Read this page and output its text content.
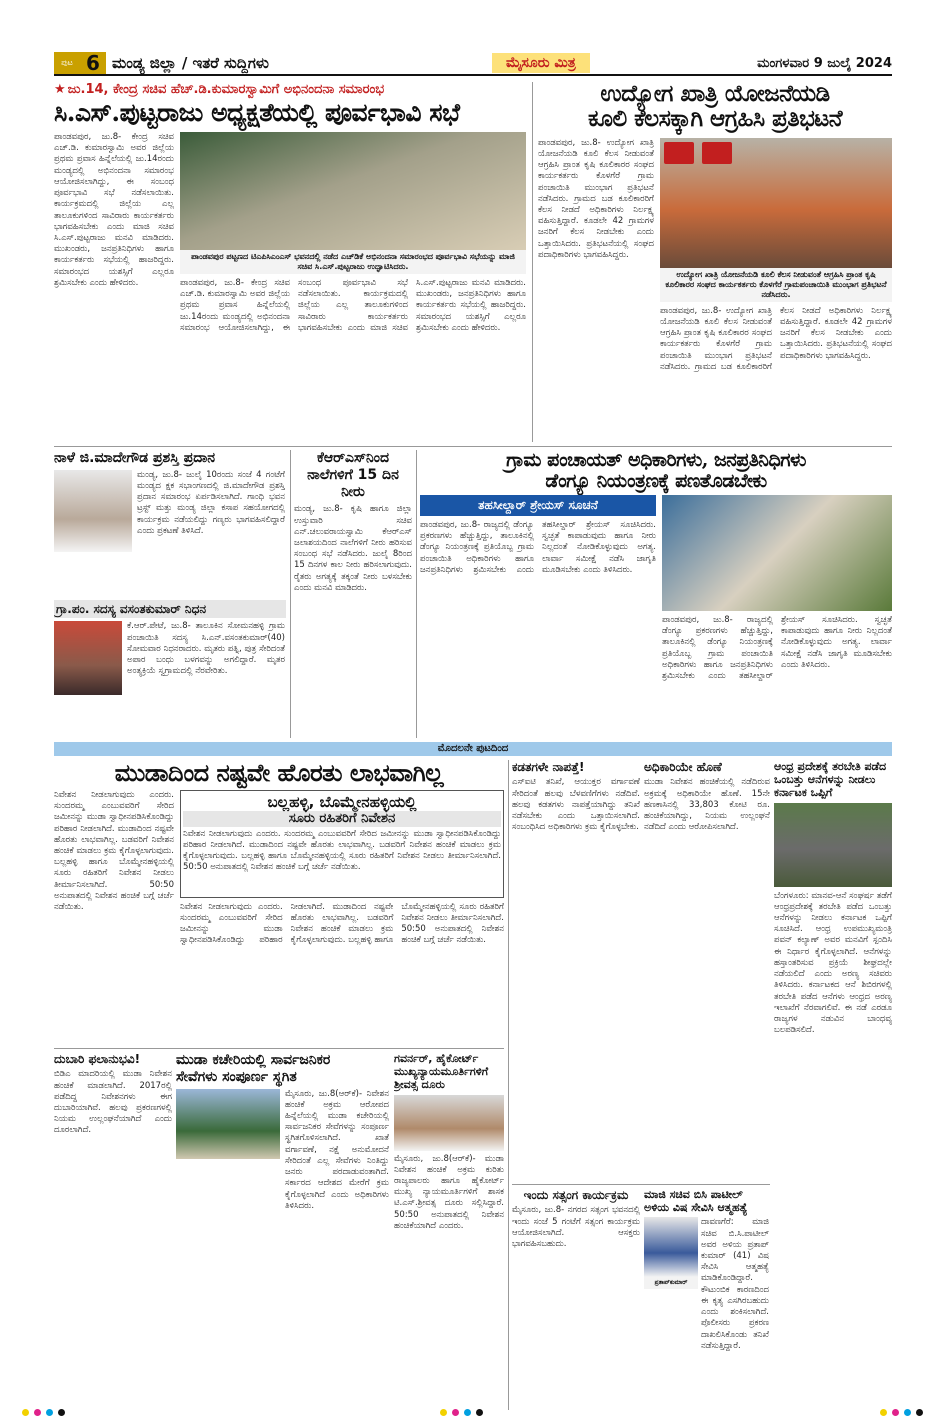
ಪುಟ 6 ಮಂಡ್ಯ ಜಿಲ್ಲಾ / ಇತರೆ ಸುದ್ದಿಗಳು	ಮೈಸೂರು ಮಿತ್ರ	ಮಂಗಳವಾರ 9 ಜುಲೈ 2024
★ ಜು.14, ಕೇಂದ್ರ ಸಚಿವ ಹೆಚ್.ಡಿ.ಕುಮಾರಸ್ವಾಮಿಗೆ ಅಭಿನಂದನಾ ಸಮಾರಂಭ
ಸಿ.ಎಸ್.ಪುಟ್ಟರಾಜು ಅಧ್ಯಕ್ಷತೆಯಲ್ಲಿ ಪೂರ್ವಭಾವಿ ಸಭೆ
ಪಾಂಡವಪುರ, ಜು.8- ಕೇಂದ್ರ ಸಚಿವ ಎಚ್.ಡಿ. ಕುಮಾರಸ್ವಾಮಿ ಅವರ ಜಿಲ್ಲೆಯ ಪ್ರಥಮ ಪ್ರವಾಸ ಹಿನ್ನೆಲೆಯಲ್ಲಿ ಜು.14ರಂದು ಮಂಡ್ಯದಲ್ಲಿ ಅಭಿನಂದನಾ ಸಮಾರಂಭ ಆಯೋಜಿಸಲಾಗಿದ್ದು, ಈ ಸಂಬಂಧ ಪೂರ್ವಭಾವಿ ಸಭೆ ನಡೆಸಲಾಯಿತು. ಕಾರ್ಯಕ್ರಮದಲ್ಲಿ ಜಿಲ್ಲೆಯ ಎಲ್ಲ ತಾಲೂಕುಗಳಿಂದ ಸಾವಿರಾರು ಕಾರ್ಯಕರ್ತರು ಭಾಗವಹಿಸಬೇಕು ಎಂದು ಮಾಜಿ ಸಚಿವ ಸಿ.ಎಸ್.ಪುಟ್ಟರಾಜು ಮನವಿ ಮಾಡಿದರು. ಮುಖಂಡರು, ಜನಪ್ರತಿನಿಧಿಗಳು ಹಾಗೂ ಕಾರ್ಯಕರ್ತರು ಸಭೆಯಲ್ಲಿ ಹಾಜರಿದ್ದರು. ಸಮಾರಂಭದ ಯಶಸ್ಸಿಗೆ ಎಲ್ಲರೂ ಶ್ರಮಿಸಬೇಕು ಎಂದು ಹೇಳಿದರು.
ಪಾಂಡವಪುರ ಪಟ್ಟಣದ ಟಿಎಪಿಸಿಎಂಎಸ್ ಭವನದಲ್ಲಿ ನಡೆದ ಎಚ್‌ಡಿಕೆ ಅಭಿನಂದನಾ ಸಮಾರಂಭದ ಪೂರ್ವಭಾವಿ ಸಭೆಯನ್ನು ಮಾಜಿ ಸಚಿವ ಸಿ.ಎಸ್.ಪುಟ್ಟರಾಜು ಉದ್ಘಾಟಿಸಿದರು.
ಪಾಂಡವಪುರ, ಜು.8- ಕೇಂದ್ರ ಸಚಿವ ಎಚ್.ಡಿ. ಕುಮಾರಸ್ವಾಮಿ ಅವರ ಜಿಲ್ಲೆಯ ಪ್ರಥಮ ಪ್ರವಾಸ ಹಿನ್ನೆಲೆಯಲ್ಲಿ ಜು.14ರಂದು ಮಂಡ್ಯದಲ್ಲಿ ಅಭಿನಂದನಾ ಸಮಾರಂಭ ಆಯೋಜಿಸಲಾಗಿದ್ದು, ಈ ಸಂಬಂಧ ಪೂರ್ವಭಾವಿ ಸಭೆ ನಡೆಸಲಾಯಿತು. ಕಾರ್ಯಕ್ರಮದಲ್ಲಿ ಜಿಲ್ಲೆಯ ಎಲ್ಲ ತಾಲೂಕುಗಳಿಂದ ಸಾವಿರಾರು ಕಾರ್ಯಕರ್ತರು ಭಾಗವಹಿಸಬೇಕು ಎಂದು ಮಾಜಿ ಸಚಿವ ಸಿ.ಎಸ್.ಪುಟ್ಟರಾಜು ಮನವಿ ಮಾಡಿದರು. ಮುಖಂಡರು, ಜನಪ್ರತಿನಿಧಿಗಳು ಹಾಗೂ ಕಾರ್ಯಕರ್ತರು ಸಭೆಯಲ್ಲಿ ಹಾಜರಿದ್ದರು. ಸಮಾರಂಭದ ಯಶಸ್ಸಿಗೆ ಎಲ್ಲರೂ ಶ್ರಮಿಸಬೇಕು ಎಂದು ಹೇಳಿದರು.
ಉದ್ಯೋಗ ಖಾತ್ರಿ ಯೋಜನೆಯಡಿ
ಕೂಲಿ ಕೆಲಸಕ್ಕಾಗಿ ಆಗ್ರಹಿಸಿ ಪ್ರತಿಭಟನೆ
ಪಾಂಡವಪುರ, ಜು.8- ಉದ್ಯೋಗ ಖಾತ್ರಿ ಯೋಜನೆಯಡಿ ಕೂಲಿ ಕೆಲಸ ನೀಡುವಂತೆ ಆಗ್ರಹಿಸಿ ಪ್ರಾಂತ ಕೃಷಿ ಕೂಲಿಕಾರರ ಸಂಘದ ಕಾರ್ಯಕರ್ತರು ಕೊಳಗೆರೆ ಗ್ರಾಮ ಪಂಚಾಯಿತಿ ಮುಂಭಾಗ ಪ್ರತಿಭಟನೆ ನಡೆಸಿದರು. ಗ್ರಾಮದ ಬಡ ಕೂಲಿಕಾರರಿಗೆ ಕೆಲಸ ನೀಡದೆ ಅಧಿಕಾರಿಗಳು ನಿರ್ಲಕ್ಷ್ಯ ವಹಿಸುತ್ತಿದ್ದಾರೆ. ಕೂಡಲೇ 42 ಗ್ರಾಮಗಳ ಜನರಿಗೆ ಕೆಲಸ ನೀಡಬೇಕು ಎಂದು ಒತ್ತಾಯಿಸಿದರು. ಪ್ರತಿಭಟನೆಯಲ್ಲಿ ಸಂಘದ ಪದಾಧಿಕಾರಿಗಳು ಭಾಗವಹಿಸಿದ್ದರು.
ಉದ್ಯೋಗ ಖಾತ್ರಿ ಯೋಜನೆಯಡಿ ಕೂಲಿ ಕೆಲಸ ನೀಡುವಂತೆ ಆಗ್ರಹಿಸಿ ಪ್ರಾಂತ ಕೃಷಿ ಕೂಲಿಕಾರರ ಸಂಘದ ಕಾರ್ಯಕರ್ತರು ಕೊಳಗೆರೆ ಗ್ರಾಮಪಂಚಾಯಿತಿ ಮುಂಭಾಗ ಪ್ರತಿಭಟನೆ ನಡೆಸಿದರು.
ಪಾಂಡವಪುರ, ಜು.8- ಉದ್ಯೋಗ ಖಾತ್ರಿ ಯೋಜನೆಯಡಿ ಕೂಲಿ ಕೆಲಸ ನೀಡುವಂತೆ ಆಗ್ರಹಿಸಿ ಪ್ರಾಂತ ಕೃಷಿ ಕೂಲಿಕಾರರ ಸಂಘದ ಕಾರ್ಯಕರ್ತರು ಕೊಳಗೆರೆ ಗ್ರಾಮ ಪಂಚಾಯಿತಿ ಮುಂಭಾಗ ಪ್ರತಿಭಟನೆ ನಡೆಸಿದರು. ಗ್ರಾಮದ ಬಡ ಕೂಲಿಕಾರರಿಗೆ ಕೆಲಸ ನೀಡದೆ ಅಧಿಕಾರಿಗಳು ನಿರ್ಲಕ್ಷ್ಯ ವಹಿಸುತ್ತಿದ್ದಾರೆ. ಕೂಡಲೇ 42 ಗ್ರಾಮಗಳ ಜನರಿಗೆ ಕೆಲಸ ನೀಡಬೇಕು ಎಂದು ಒತ್ತಾಯಿಸಿದರು. ಪ್ರತಿಭಟನೆಯಲ್ಲಿ ಸಂಘದ ಪದಾಧಿಕಾರಿಗಳು ಭಾಗವಹಿಸಿದ್ದರು.
ನಾಳೆ ಜಿ.ಮಾದೇಗೌಡ ಪ್ರಶಸ್ತಿ ಪ್ರದಾನ
ಮಂಡ್ಯ, ಜು.8- ಜುಲೈ 10ರಂದು ಸಂಜೆ 4 ಗಂಟೆಗೆ ಮಂಡ್ಯದ ಕ್ಷಕ ಸಭಾಂಗಣದಲ್ಲಿ ಜಿ.ಮಾದೇಗೌಡ ಪ್ರಶಸ್ತಿ ಪ್ರದಾನ ಸಮಾರಂಭ ಏರ್ಪಡಿಸಲಾಗಿದೆ. ಗಾಂಧಿ ಭವನ ಟ್ರಸ್ಟ್ ಮತ್ತು ಮಂಡ್ಯ ಜಿಲ್ಲಾ ಕಸಾಪ ಸಹಯೋಗದಲ್ಲಿ ಕಾರ್ಯಕ್ರಮ ನಡೆಯಲಿದ್ದು ಗಣ್ಯರು ಭಾಗವಹಿಸಲಿದ್ದಾರೆ ಎಂದು ಪ್ರಕಟಣೆ ತಿಳಿಸಿದೆ.
ಗ್ರಾ.ಪಂ. ಸದಸ್ಯ ವಸಂತಕುಮಾರ್ ನಿಧನ
ಕೆ.ಆರ್.ಪೇಟೆ, ಜು.8- ತಾಲೂಕಿನ ಸೋಮನಹಳ್ಳಿ ಗ್ರಾಮ ಪಂಚಾಯಿತಿ ಸದಸ್ಯ ಸಿ.ಎನ್.ವಸಂತಕುಮಾರ್(40) ಸೋಮವಾರ ನಿಧನರಾದರು. ಮೃತರು ಪತ್ನಿ, ಪುತ್ರ ಸೇರಿದಂತೆ ಅಪಾರ ಬಂಧು ಬಳಗವನ್ನು ಅಗಲಿದ್ದಾರೆ. ಮೃತರ ಅಂತ್ಯಕ್ರಿಯೆ ಸ್ವಗ್ರಾಮದಲ್ಲಿ ನೆರವೇರಿತು.
ಕೆಆರ್‌ಎಸ್‌ನಿಂದ ನಾಲೆಗಳಿಗೆ 15 ದಿನ ನೀರು
ಮಂಡ್ಯ, ಜು.8- ಕೃಷಿ ಹಾಗೂ ಜಿಲ್ಲಾ ಉಸ್ತುವಾರಿ ಸಚಿವ ಎನ್.ಚಲುವರಾಯಸ್ವಾಮಿ ಕೆಆರ್‌ಎಸ್ ಜಲಾಶಯದಿಂದ ನಾಲೆಗಳಿಗೆ ನೀರು ಹರಿಸುವ ಸಂಬಂಧ ಸಭೆ ನಡೆಸಿದರು. ಜುಲೈ 8ರಿಂದ 15 ದಿನಗಳ ಕಾಲ ನೀರು ಹರಿಸಲಾಗುವುದು. ರೈತರು ಅಗತ್ಯಕ್ಕೆ ತಕ್ಕಂತೆ ನೀರು ಬಳಸಬೇಕು ಎಂದು ಮನವಿ ಮಾಡಿದರು.
ಗ್ರಾಮ ಪಂಚಾಯತ್ ಅಧಿಕಾರಿಗಳು, ಜನಪ್ರತಿನಿಧಿಗಳು
ಡೆಂಗ್ಯೂ ನಿಯಂತ್ರಣಕ್ಕೆ ಪಣತೊಡಬೇಕು
ತಹಸೀಲ್ದಾರ್ ಶ್ರೇಯಸ್ ಸೂಚನೆ
ಪಾಂಡವಪುರ, ಜು.8- ರಾಜ್ಯದಲ್ಲಿ ಡೆಂಗ್ಯೂ ಪ್ರಕರಣಗಳು ಹೆಚ್ಚುತ್ತಿದ್ದು, ತಾಲೂಕಿನಲ್ಲಿ ಡೆಂಗ್ಯೂ ನಿಯಂತ್ರಣಕ್ಕೆ ಪ್ರತಿಯೊಬ್ಬ ಗ್ರಾಮ ಪಂಚಾಯಿತಿ ಅಧಿಕಾರಿಗಳು ಹಾಗೂ ಜನಪ್ರತಿನಿಧಿಗಳು ಶ್ರಮಿಸಬೇಕು ಎಂದು ತಹಸೀಲ್ದಾರ್ ಶ್ರೇಯಸ್ ಸೂಚಿಸಿದರು. ಸ್ವಚ್ಛತೆ ಕಾಪಾಡುವುದು ಹಾಗೂ ನೀರು ನಿಲ್ಲದಂತೆ ನೋಡಿಕೊಳ್ಳುವುದು ಅಗತ್ಯ. ಲಾರ್ವಾ ಸಮೀಕ್ಷೆ ನಡೆಸಿ ಜಾಗೃತಿ ಮೂಡಿಸಬೇಕು ಎಂದು ತಿಳಿಸಿದರು.
ಪಾಂಡವಪುರ, ಜು.8- ರಾಜ್ಯದಲ್ಲಿ ಡೆಂಗ್ಯೂ ಪ್ರಕರಣಗಳು ಹೆಚ್ಚುತ್ತಿದ್ದು, ತಾಲೂಕಿನಲ್ಲಿ ಡೆಂಗ್ಯೂ ನಿಯಂತ್ರಣಕ್ಕೆ ಪ್ರತಿಯೊಬ್ಬ ಗ್ರಾಮ ಪಂಚಾಯಿತಿ ಅಧಿಕಾರಿಗಳು ಹಾಗೂ ಜನಪ್ರತಿನಿಧಿಗಳು ಶ್ರಮಿಸಬೇಕು ಎಂದು ತಹಸೀಲ್ದಾರ್ ಶ್ರೇಯಸ್ ಸೂಚಿಸಿದರು. ಸ್ವಚ್ಛತೆ ಕಾಪಾಡುವುದು ಹಾಗೂ ನೀರು ನಿಲ್ಲದಂತೆ ನೋಡಿಕೊಳ್ಳುವುದು ಅಗತ್ಯ. ಲಾರ್ವಾ ಸಮೀಕ್ಷೆ ನಡೆಸಿ ಜಾಗೃತಿ ಮೂಡಿಸಬೇಕು ಎಂದು ತಿಳಿಸಿದರು.
ಮೊದಲನೇ ಪುಟದಿಂದ
ಮುಡಾದಿಂದ ನಷ್ಟವೇ ಹೊರತು ಲಾಭವಾಗಿಲ್ಲ
ನಿವೇಶನ ನೀಡಲಾಗುವುದು ಎಂದರು. ಸುಂದರಮ್ಮ ಎಂಬುವವರಿಗೆ ಸೇರಿದ ಜಮೀನನ್ನು ಮುಡಾ ಸ್ವಾಧೀನಪಡಿಸಿಕೊಂಡಿದ್ದು ಪರಿಹಾರ ನೀಡಲಾಗಿದೆ. ಮುಡಾದಿಂದ ನಷ್ಟವೇ ಹೊರತು ಲಾಭವಾಗಿಲ್ಲ. ಬಡವರಿಗೆ ನಿವೇಶನ ಹಂಚಿಕೆ ಮಾಡಲು ಕ್ರಮ ಕೈಗೊಳ್ಳಲಾಗುವುದು. ಬಲ್ಲಹಳ್ಳಿ ಹಾಗೂ ಬೊಮ್ಮೇನಹಳ್ಳಿಯಲ್ಲಿ ಸೂರು ರಹಿತರಿಗೆ ನಿವೇಶನ ನೀಡಲು ತೀರ್ಮಾನಿಸಲಾಗಿದೆ. 50:50 ಅನುಪಾತದಲ್ಲಿ ನಿವೇಶನ ಹಂಚಿಕೆ ಬಗ್ಗೆ ಚರ್ಚೆ ನಡೆಯಿತು.
ಬಲ್ಲಹಳ್ಳಿ, ಬೊಮ್ಮೇನಹಳ್ಳಿಯಲ್ಲಿ
ಸೂರು ರಹಿತರಿಗೆ ನಿವೇಶನ
ನಿವೇಶನ ನೀಡಲಾಗುವುದು ಎಂದರು. ಸುಂದರಮ್ಮ ಎಂಬುವವರಿಗೆ ಸೇರಿದ ಜಮೀನನ್ನು ಮುಡಾ ಸ್ವಾಧೀನಪಡಿಸಿಕೊಂಡಿದ್ದು ಪರಿಹಾರ ನೀಡಲಾಗಿದೆ. ಮುಡಾದಿಂದ ನಷ್ಟವೇ ಹೊರತು ಲಾಭವಾಗಿಲ್ಲ. ಬಡವರಿಗೆ ನಿವೇಶನ ಹಂಚಿಕೆ ಮಾಡಲು ಕ್ರಮ ಕೈಗೊಳ್ಳಲಾಗುವುದು. ಬಲ್ಲಹಳ್ಳಿ ಹಾಗೂ ಬೊಮ್ಮೇನಹಳ್ಳಿಯಲ್ಲಿ ಸೂರು ರಹಿತರಿಗೆ ನಿವೇಶನ ನೀಡಲು ತೀರ್ಮಾನಿಸಲಾಗಿದೆ. 50:50 ಅನುಪಾತದಲ್ಲಿ ನಿವೇಶನ ಹಂಚಿಕೆ ಬಗ್ಗೆ ಚರ್ಚೆ ನಡೆಯಿತು.
ನಿವೇಶನ ನೀಡಲಾಗುವುದು ಎಂದರು. ಸುಂದರಮ್ಮ ಎಂಬುವವರಿಗೆ ಸೇರಿದ ಜಮೀನನ್ನು ಮುಡಾ ಸ್ವಾಧೀನಪಡಿಸಿಕೊಂಡಿದ್ದು ಪರಿಹಾರ ನೀಡಲಾಗಿದೆ. ಮುಡಾದಿಂದ ನಷ್ಟವೇ ಹೊರತು ಲಾಭವಾಗಿಲ್ಲ. ಬಡವರಿಗೆ ನಿವೇಶನ ಹಂಚಿಕೆ ಮಾಡಲು ಕ್ರಮ ಕೈಗೊಳ್ಳಲಾಗುವುದು. ಬಲ್ಲಹಳ್ಳಿ ಹಾಗೂ ಬೊಮ್ಮೇನಹಳ್ಳಿಯಲ್ಲಿ ಸೂರು ರಹಿತರಿಗೆ ನಿವೇಶನ ನೀಡಲು ತೀರ್ಮಾನಿಸಲಾಗಿದೆ. 50:50 ಅನುಪಾತದಲ್ಲಿ ನಿವೇಶನ ಹಂಚಿಕೆ ಬಗ್ಗೆ ಚರ್ಚೆ ನಡೆಯಿತು.
ಕಡತಗಳೇ ನಾಪತ್ತೆ!
ಎಸ್‌ಐಟಿ ತನಿಖೆ, ಆಯುಕ್ತರ ವರ್ಗಾವಣೆ ಸೇರಿದಂತೆ ಹಲವು ಬೆಳವಣಿಗೆಗಳು ನಡೆದಿವೆ. ಹಲವು ಕಡತಗಳು ನಾಪತ್ತೆಯಾಗಿದ್ದು ತನಿಖೆ ನಡೆಸಬೇಕು ಎಂದು ಒತ್ತಾಯಿಸಲಾಗಿದೆ. ಸಂಬಂಧಿಸಿದ ಅಧಿಕಾರಿಗಳು ಕ್ರಮ ಕೈಗೊಳ್ಳಬೇಕು.
ಅಧಿಕಾರಿಯೇ ಹೊಣೆ
ಮುಡಾ ನಿವೇಶನ ಹಂಚಿಕೆಯಲ್ಲಿ ನಡೆದಿರುವ ಅಕ್ರಮಕ್ಕೆ ಅಧಿಕಾರಿಯೇ ಹೊಣೆ. 15ನೇ ಹಣಕಾಸಿನಲ್ಲಿ 33,803 ಕೋಟಿ ರೂ. ಹಂಚಿಕೆಯಾಗಿದ್ದು, ನಿಯಮ ಉಲ್ಲಂಘನೆ ನಡೆದಿದೆ ಎಂದು ಆರೋಪಿಸಲಾಗಿದೆ.
ಆಂಧ್ರ ಪ್ರದೇಶಕ್ಕೆ ತರಬೇತಿ ಪಡೆದ ಒಂಬತ್ತು ಆನೆಗಳನ್ನು ನೀಡಲು ಕರ್ನಾಟಕ ಒಪ್ಪಿಗೆ
ಬೆಂಗಳೂರು: ಮಾನವ-ಆನೆ ಸಂಘರ್ಷ ತಡೆಗೆ ಆಂಧ್ರಪ್ರದೇಶಕ್ಕೆ ತರಬೇತಿ ಪಡೆದ ಒಂಬತ್ತು ಆನೆಗಳನ್ನು ನೀಡಲು ಕರ್ನಾಟಕ ಒಪ್ಪಿಗೆ ಸೂಚಿಸಿದೆ. ಆಂಧ್ರ ಉಪಮುಖ್ಯಮಂತ್ರಿ ಪವನ್ ಕಲ್ಯಾಣ್ ಅವರ ಮನವಿಗೆ ಸ್ಪಂದಿಸಿ ಈ ನಿರ್ಧಾರ ಕೈಗೊಳ್ಳಲಾಗಿದೆ. ಆನೆಗಳನ್ನು ಹಸ್ತಾಂತರಿಸುವ ಪ್ರಕ್ರಿಯೆ ಶೀಘ್ರದಲ್ಲೇ ನಡೆಯಲಿದೆ ಎಂದು ಅರಣ್ಯ ಸಚಿವರು ತಿಳಿಸಿದರು. ಕರ್ನಾಟಕದ ಆನೆ ಶಿಬಿರಗಳಲ್ಲಿ ತರಬೇತಿ ಪಡೆದ ಆನೆಗಳು ಆಂಧ್ರದ ಅರಣ್ಯ ಇಲಾಖೆಗೆ ನೆರವಾಗಲಿವೆ. ಈ ನಡೆ ಎರಡೂ ರಾಜ್ಯಗಳ ನಡುವಿನ ಬಾಂಧವ್ಯ ಬಲಪಡಿಸಲಿದೆ.
ದುಬಾರಿ ಫಲಾನುಭವಿ!
ಬಿಡಿಎ ಮಾದರಿಯಲ್ಲಿ ಮುಡಾ ನಿವೇಶನ ಹಂಚಿಕೆ ಮಾಡಲಾಗಿದೆ. 2017ರಲ್ಲಿ ಪಡೆದಿದ್ದ ನಿವೇಶನಗಳು ಈಗ ದುಬಾರಿಯಾಗಿವೆ. ಹಲವು ಪ್ರಕರಣಗಳಲ್ಲಿ ನಿಯಮ ಉಲ್ಲಂಘನೆಯಾಗಿದೆ ಎಂದು ದೂರಲಾಗಿದೆ.
ಮುಡಾ ಕಚೇರಿಯಲ್ಲಿ ಸಾರ್ವಜನಿಕರ
ಸೇವೆಗಳು ಸಂಪೂರ್ಣ ಸ್ಥಗಿತ
ಮೈಸೂರು, ಜು.8(ಆರ್‌ಕೆ)- ನಿವೇಶನ ಹಂಚಿಕೆ ಅಕ್ರಮ ಆರೋಪದ ಹಿನ್ನೆಲೆಯಲ್ಲಿ ಮುಡಾ ಕಚೇರಿಯಲ್ಲಿ ಸಾರ್ವಜನಿಕರ ಸೇವೆಗಳನ್ನು ಸಂಪೂರ್ಣ ಸ್ಥಗಿತಗೊಳಿಸಲಾಗಿದೆ. ಖಾತೆ ವರ್ಗಾವಣೆ, ನಕ್ಷೆ ಅನುಮೋದನೆ ಸೇರಿದಂತೆ ಎಲ್ಲ ಸೇವೆಗಳು ನಿಂತಿದ್ದು ಜನರು ಪರದಾಡುವಂತಾಗಿದೆ. ಸರ್ಕಾರದ ಆದೇಶದ ಮೇರೆಗೆ ಕ್ರಮ ಕೈಗೊಳ್ಳಲಾಗಿದೆ ಎಂದು ಅಧಿಕಾರಿಗಳು ತಿಳಿಸಿದರು.
ಗವರ್ನರ್, ಹೈಕೋರ್ಟ್ ಮುಖ್ಯನ್ಯಾಯಮೂರ್ತಿಗಳಿಗೆ ಶ್ರೀವತ್ಸ ದೂರು
ಮೈಸೂರು, ಜು.8(ಆರ್‌ಕೆ)- ಮುಡಾ ನಿವೇಶನ ಹಂಚಿಕೆ ಅಕ್ರಮ ಕುರಿತು ರಾಜ್ಯಪಾಲರು ಹಾಗೂ ಹೈಕೋರ್ಟ್ ಮುಖ್ಯ ನ್ಯಾಯಮೂರ್ತಿಗಳಿಗೆ ಶಾಸಕ ಟಿ.ಎಸ್.ಶ್ರೀವತ್ಸ ದೂರು ಸಲ್ಲಿಸಿದ್ದಾರೆ. 50:50 ಅನುಪಾತದಲ್ಲಿ ನಿವೇಶನ ಹಂಚಿಕೆಯಾಗಿದೆ ಎಂದರು.
ಇಂದು ಸತ್ಸಂಗ ಕಾರ್ಯಕ್ರಮ
ಮೈಸೂರು, ಜು.8- ನಗರದ ಸತ್ಸಂಗ ಭವನದಲ್ಲಿ ಇಂದು ಸಂಜೆ 5 ಗಂಟೆಗೆ ಸತ್ಸಂಗ ಕಾರ್ಯಕ್ರಮ ಆಯೋಜಿಸಲಾಗಿದೆ. ಆಸಕ್ತರು ಭಾಗವಹಿಸಬಹುದು.
ಮಾಜಿ ಸಚಿವ ಬಿಸಿ ಪಾಟೀಲ್ ಅಳಿಯ ವಿಷ ಸೇವಿಸಿ ಆತ್ಮಹತ್ಯೆ
ಪ್ರತಾಪ್‌ಕುಮಾರ್
ದಾವಣಗೆರೆ: ಮಾಜಿ ಸಚಿವ ಬಿ.ಸಿ.ಪಾಟೀಲ್ ಅವರ ಅಳಿಯ ಪ್ರತಾಪ್ ಕುಮಾರ್ (41) ವಿಷ ಸೇವಿಸಿ ಆತ್ಮಹತ್ಯೆ ಮಾಡಿಕೊಂಡಿದ್ದಾರೆ. ಕೌಟುಂಬಿಕ ಕಾರಣದಿಂದ ಈ ಕೃತ್ಯ ಎಸಗಿರಬಹುದು ಎಂದು ಶಂಕಿಸಲಾಗಿದೆ. ಪೊಲೀಸರು ಪ್ರಕರಣ ದಾಖಲಿಸಿಕೊಂಡು ತನಿಖೆ ನಡೆಸುತ್ತಿದ್ದಾರೆ.
